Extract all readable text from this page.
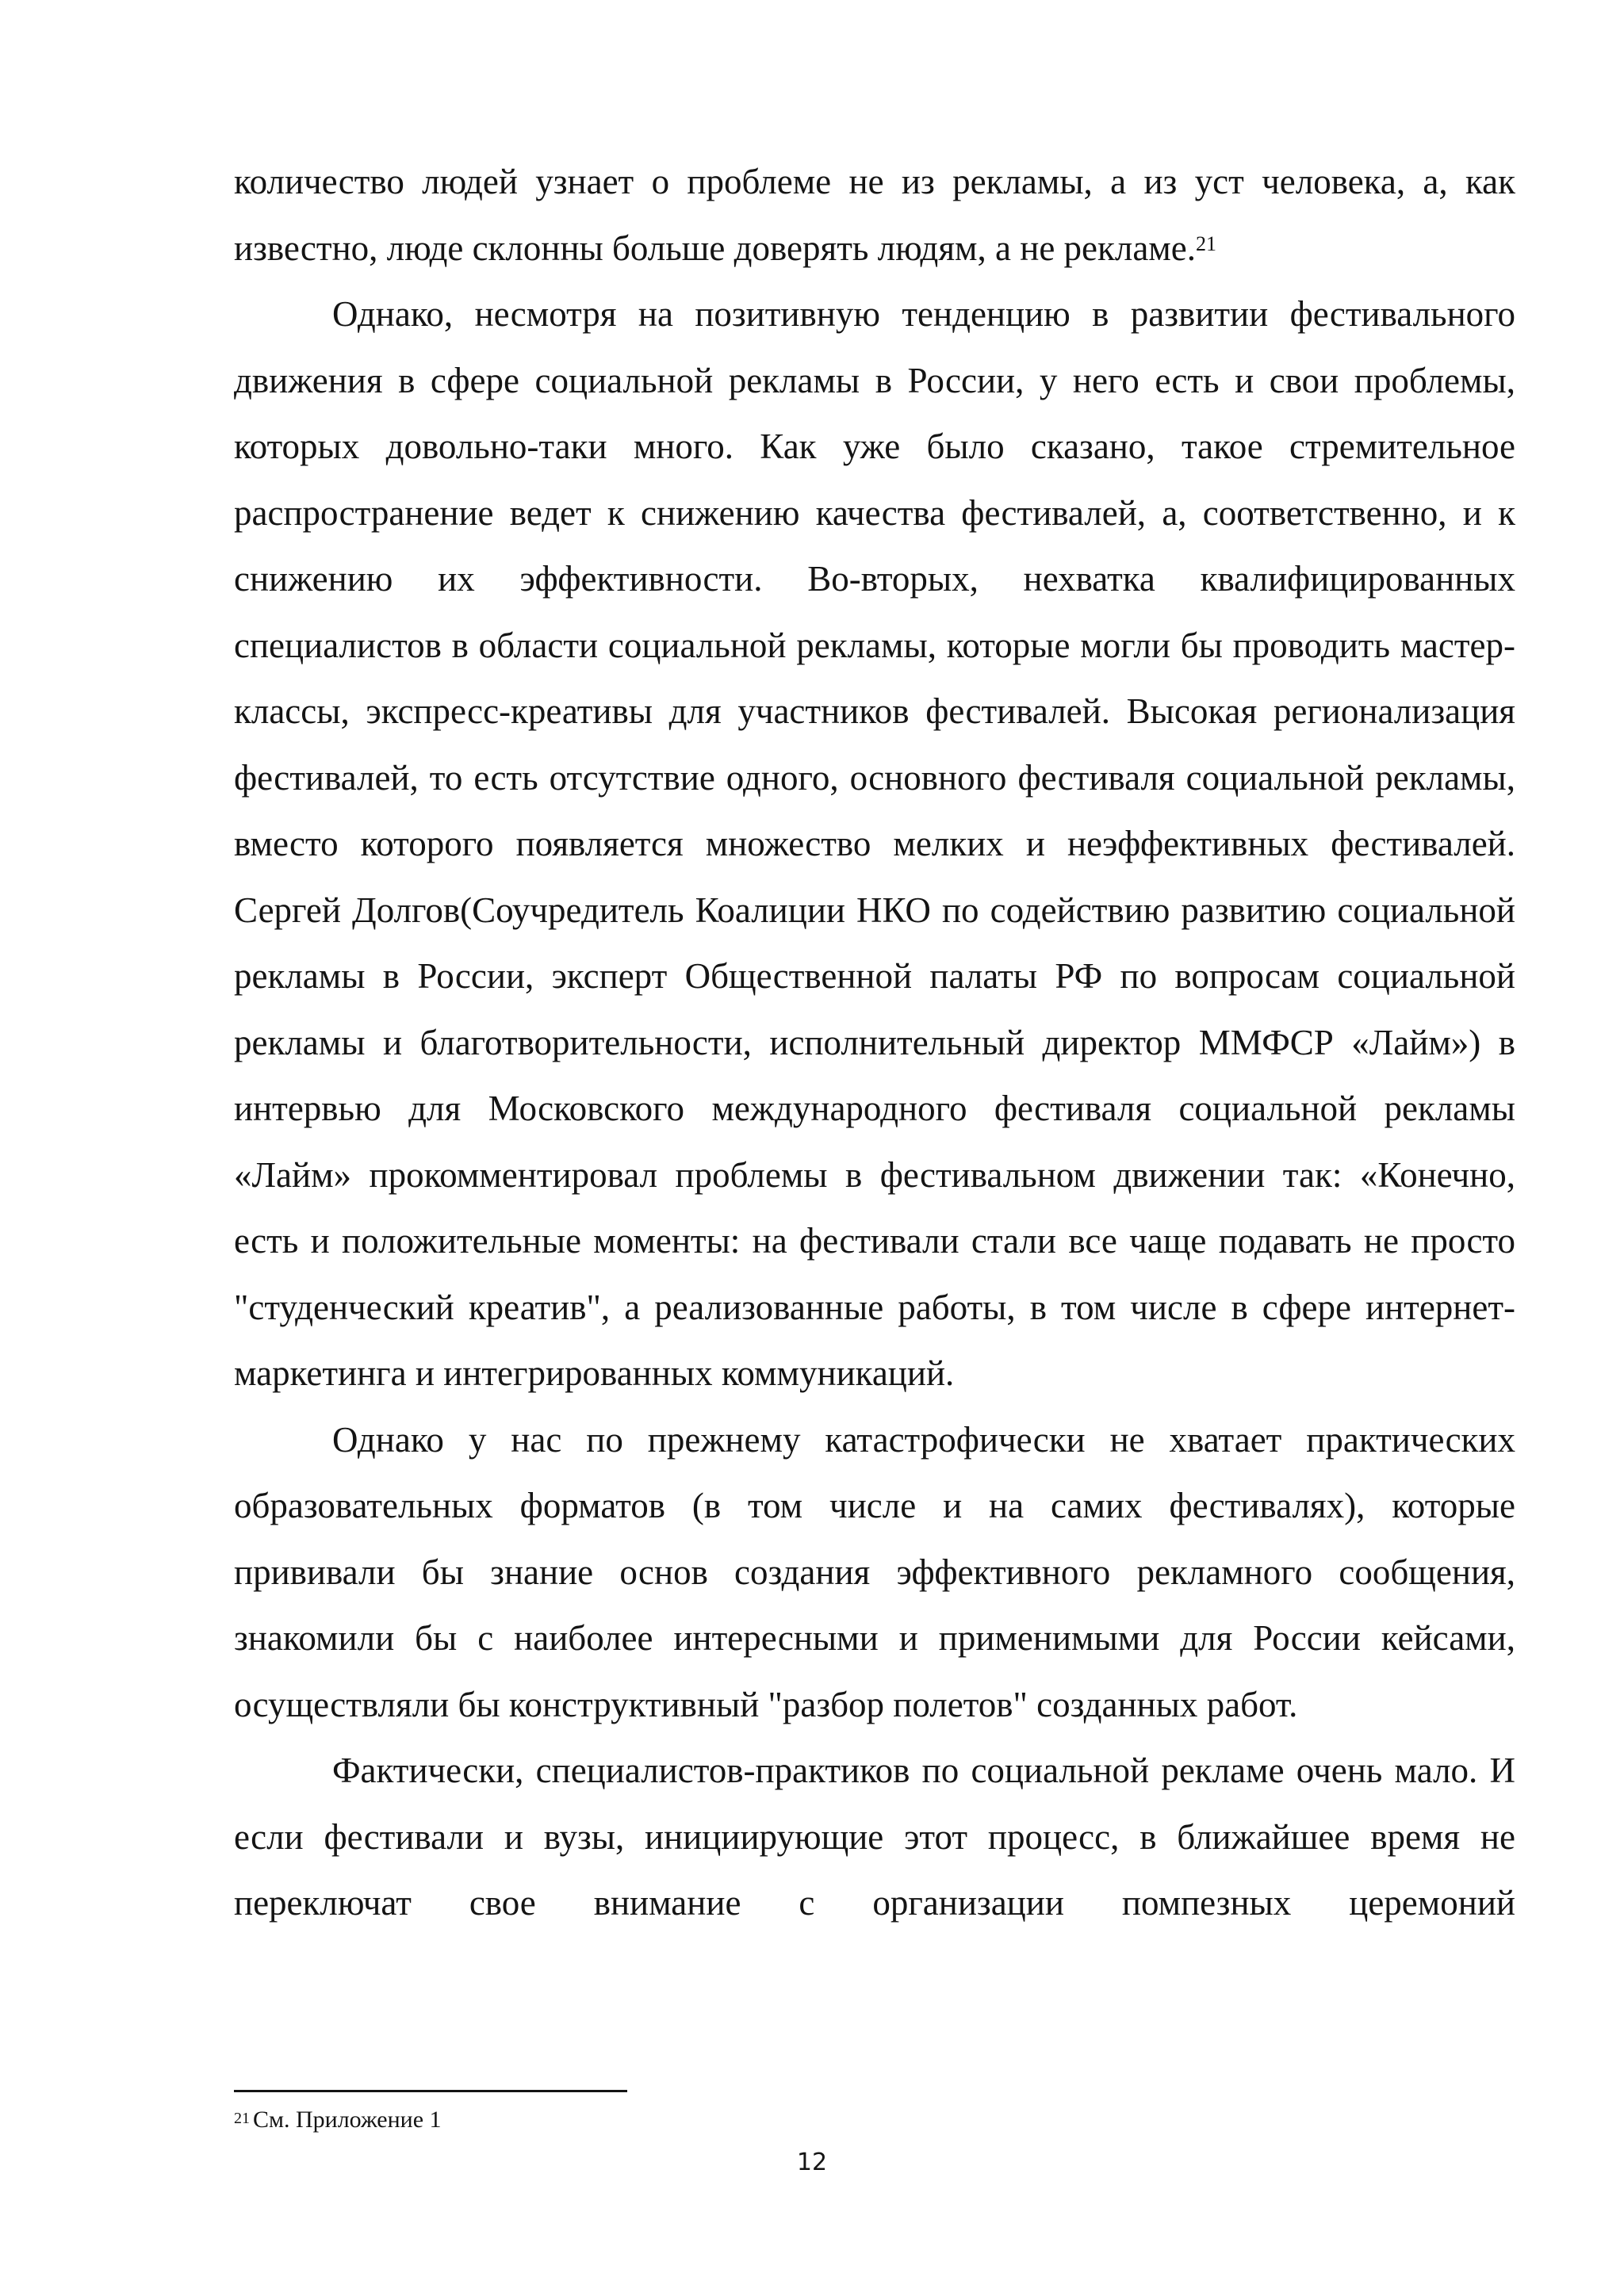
количество людей узнает о проблеме не из рекламы, а из уст человека, а, как известно, люде склонны больше доверять людям, а не рекламе.$^{21}$

Однако, несмотря на позитивную тенденцию в развитии фестивального движения в сфере социальной рекламы в России, у него есть и свои проблемы, которых довольно-таки много. Как уже было сказано, такое стремительное распространение ведет к снижению качества фестивалей, а, соответственно, и к снижению их эффективности. Во-вторых, нехватка квалифицированных специалистов в области социальной рекламы, которые могли бы проводить мастер-классы, экспресс-креативы для участников фестивалей. Высокая регионализация фестивалей, то есть отсутствие одного, основного фестиваля социальной рекламы, вместо которого появляется множество мелких и неэффективных фестивалей. Сергей Долгов(Соучредитель Коалиции НКО по содействию развитию социальной рекламы в России, эксперт Общественной палаты РФ по вопросам социальной рекламы и благотворительности, исполнительный директор ММФСР «Лайм») в интервью для Московского международного фестиваля социальной рекламы «Лайм» прокомментировал проблемы в фестивальном движении так: «Конечно, есть и положительные моменты: на фестивали стали все чаще подавать не просто "студенческий креатив", а реализованные работы, в том числе в сфере интернет-маркетинга и интегрированных коммуникаций.

Однако у нас по прежнему катастрофически не хватает практических образовательных форматов (в том числе и на самих фестивалях), которые прививали бы знание основ создания эффективного рекламного сообщения, знакомили бы с наиболее интересными и применимыми для России кейсами, осуществляли бы конструктивный "разбор полетов" созданных работ.

Фактически, специалистов-практиков по социальной рекламе очень мало. И если фестивали и вузы, инициирующие этот процесс, в ближайшее время не переключат свое внимание с организации помпезных церемоний

$^{21}$ См. Приложение 1
12
